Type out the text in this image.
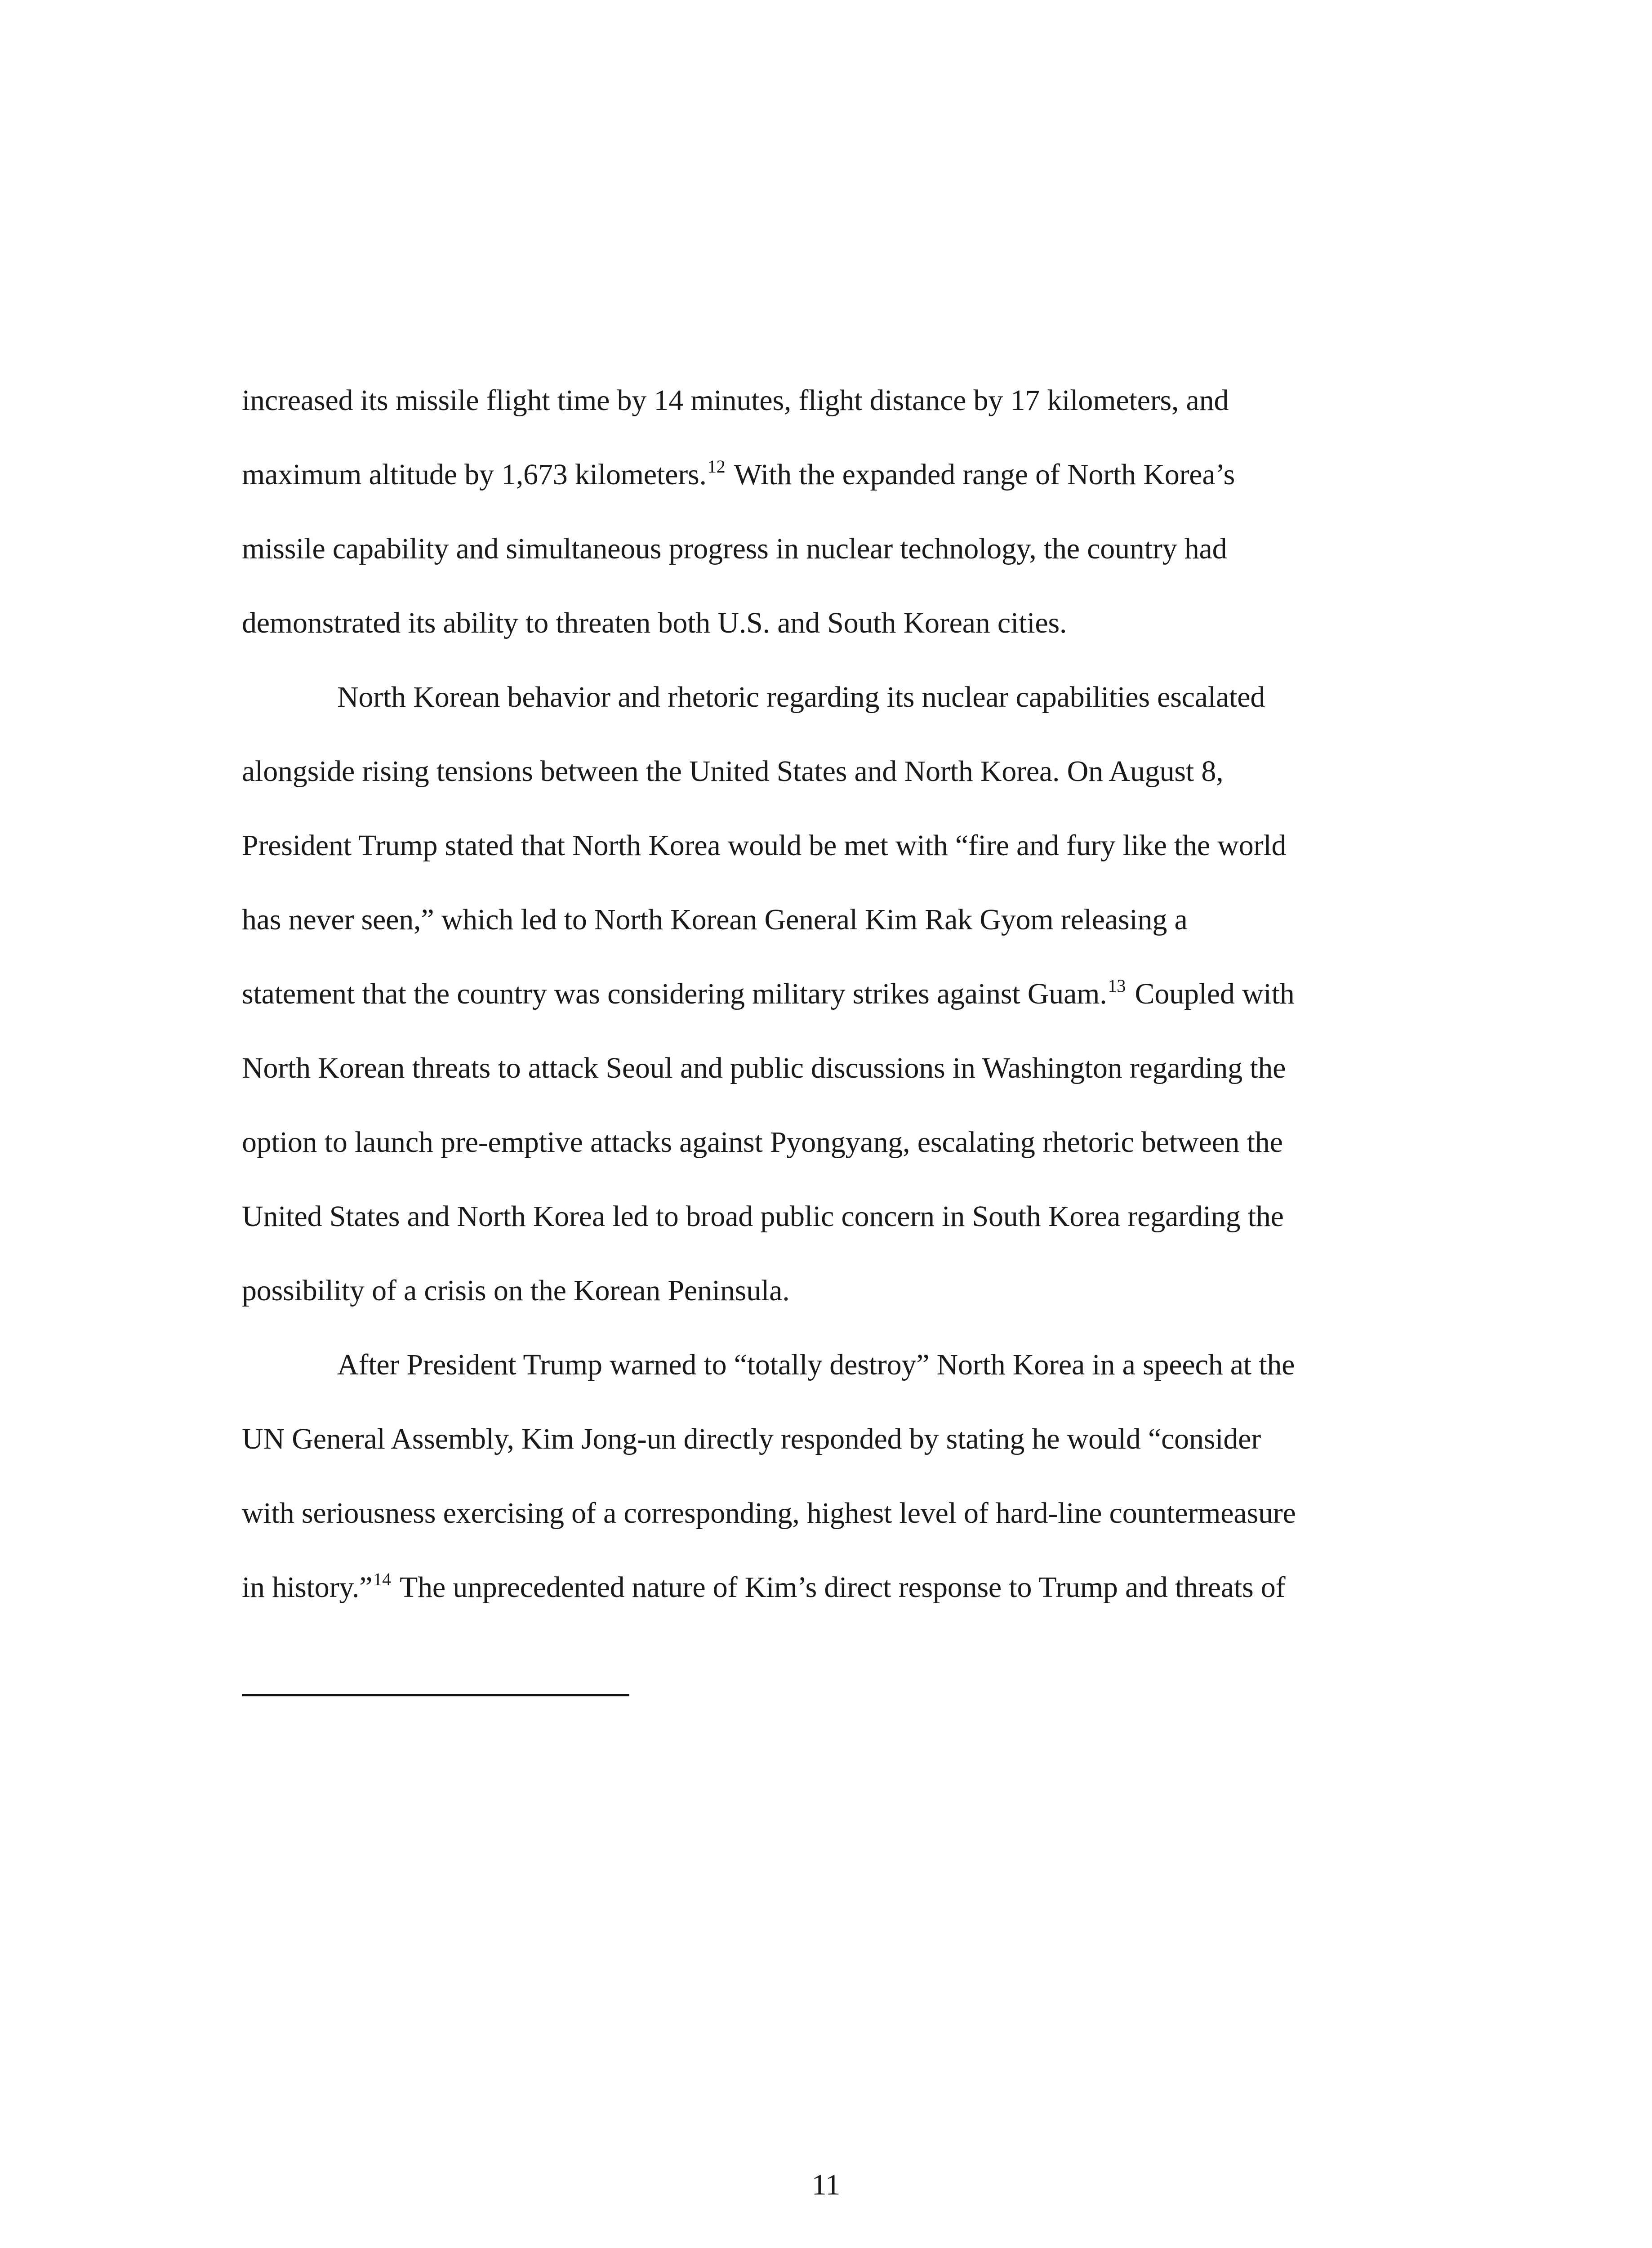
increased its missile flight time by 14 minutes, flight distance by 17 kilometers, and
maximum altitude by 1,673 kilometers.$^{12}$ With the expanded range of North Korea’s
missile capability and simultaneous progress in nuclear technology, the country had
demonstrated its ability to threaten both U.S. and South Korean cities.
North Korean behavior and rhetoric regarding its nuclear capabilities escalated
alongside rising tensions between the United States and North Korea. On August 8,
President Trump stated that North Korea would be met with “fire and fury like the world
has never seen,” which led to North Korean General Kim Rak Gyom releasing a
statement that the country was considering military strikes against Guam.$^{13}$ Coupled with
North Korean threats to attack Seoul and public discussions in Washington regarding the
option to launch pre-emptive attacks against Pyongyang, escalating rhetoric between the
United States and North Korea led to broad public concern in South Korea regarding the
possibility of a crisis on the Korean Peninsula.
After President Trump warned to “totally destroy” North Korea in a speech at the
UN General Assembly, Kim Jong-un directly responded by stating he would “consider
with seriousness exercising of a corresponding, highest level of hard-line countermeasure
in history.”$^{14}$ The unprecedented nature of Kim’s direct response to Trump and threats of
11
